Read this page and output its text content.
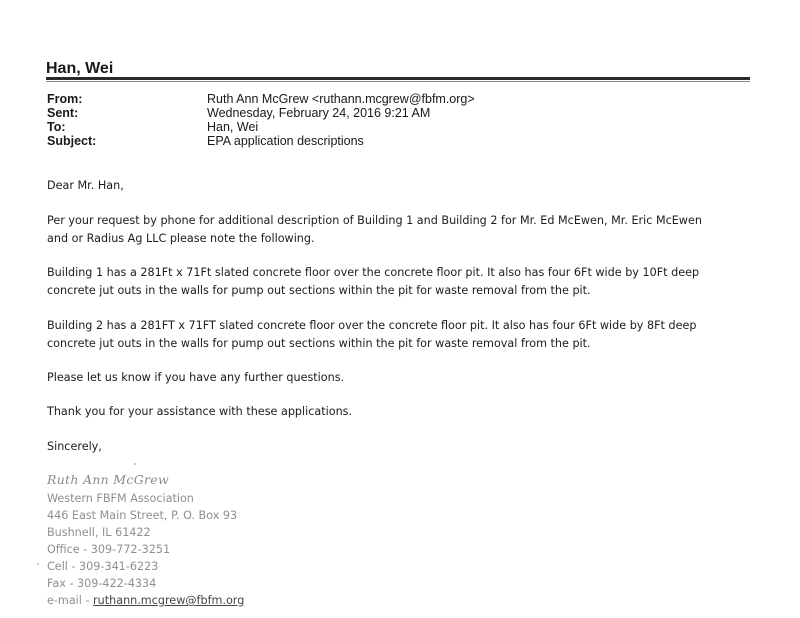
Han, Wei
From:	Ruth Ann McGrew <ruthann.mcgrew@fbfm.org>
Sent:	Wednesday, February 24, 2016 9:21 AM
To:	Han, Wei
Subject:	EPA application descriptions
Dear Mr. Han,
Per your request by phone for additional description of Building 1 and Building 2 for Mr. Ed McEwen, Mr. Eric McEwen
and or Radius Ag LLC please note the following.
Building 1 has a 281Ft x 71Ft slated concrete floor over the concrete floor pit. It also has four 6Ft wide by 10Ft deep
concrete jut outs in the walls for pump out sections within the pit for waste removal from the pit.
Building 2 has a 281FT x 71FT slated concrete floor over the concrete floor pit. It also has four 6Ft wide by 8Ft deep
concrete jut outs in the walls for pump out sections within the pit for waste removal from the pit.
Please let us know if you have any further questions.
Thank you for your assistance with these applications.
Sincerely,
Ruth Ann McGrew
Western FBFM Association
446 East Main Street, P. O. Box 93
Bushnell, IL 61422
Office - 309-772-3251
Cell - 309-341-6223
Fax - 309-422-4334
e-mail - ruthann.mcgrew@fbfm.org
